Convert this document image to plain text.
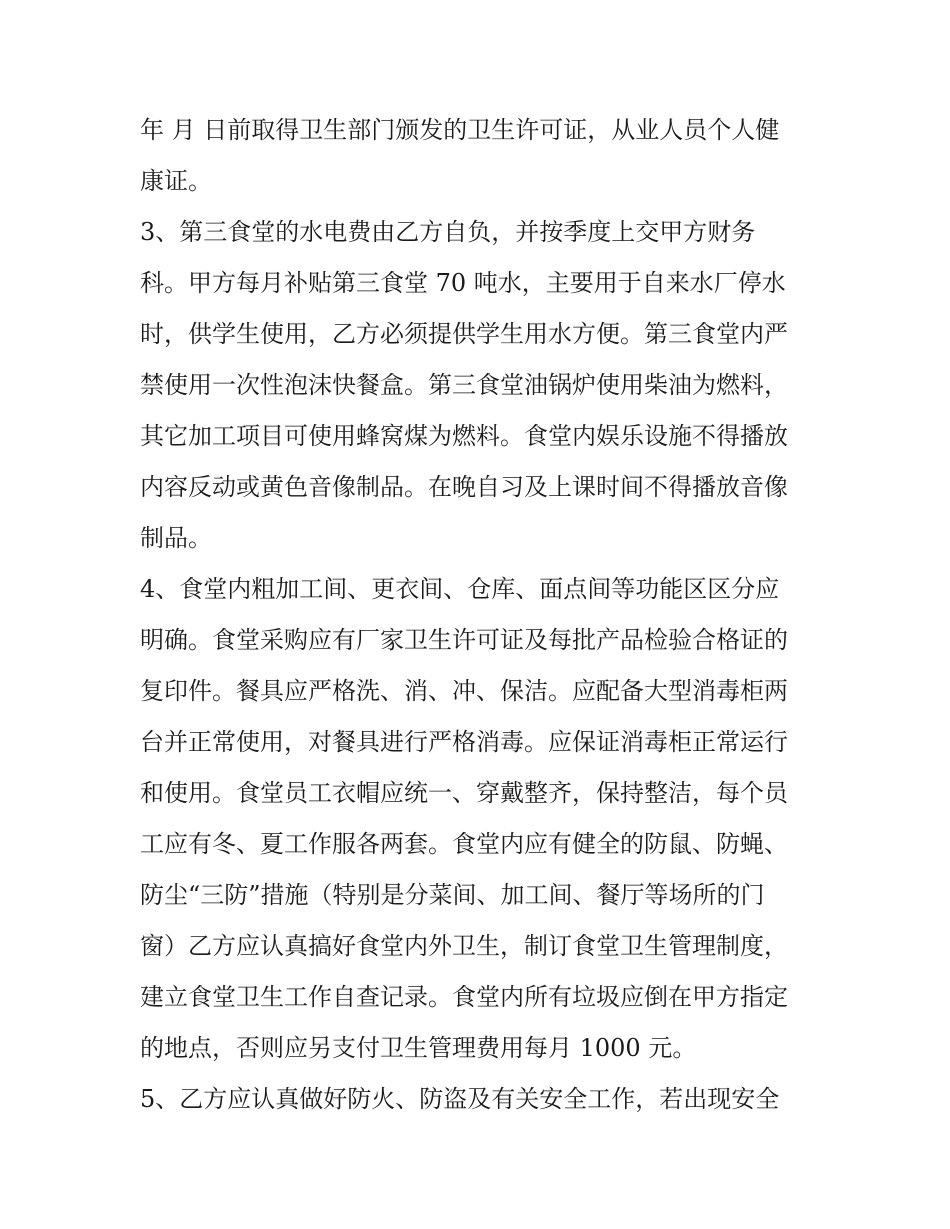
年 月 日前取得卫生部门颁发的卫生许可证，从业人员个人健
康证。
3、第三食堂的水电费由乙方自负，并按季度上交甲方财务
科。甲方每月补贴第三食堂 70 吨水，主要用于自来水厂停水
时，供学生使用，乙方必须提供学生用水方便。第三食堂内严
禁使用一次性泡沫快餐盒。第三食堂油锅炉使用柴油为燃料，
其它加工项目可使用蜂窝煤为燃料。食堂内娱乐设施不得播放
内容反动或黄色音像制品。在晚自习及上课时间不得播放音像
制品。
4、食堂内粗加工间、更衣间、仓库、面点间等功能区区分应
明确。食堂采购应有厂家卫生许可证及每批产品检验合格证的
复印件。餐具应严格洗、消、冲、保洁。应配备大型消毒柜两
台并正常使用，对餐具进行严格消毒。应保证消毒柜正常运行
和使用。食堂员工衣帽应统一、穿戴整齐，保持整洁，每个员
工应有冬、夏工作服各两套。食堂内应有健全的防鼠、防蝇、
防尘“三防”措施（特别是分菜间、加工间、餐厅等场所的门
窗）乙方应认真搞好食堂内外卫生，制订食堂卫生管理制度，
建立食堂卫生工作自查记录。食堂内所有垃圾应倒在甲方指定
的地点，否则应另支付卫生管理费用每月 1000 元。
5、乙方应认真做好防火、防盗及有关安全工作，若出现安全
